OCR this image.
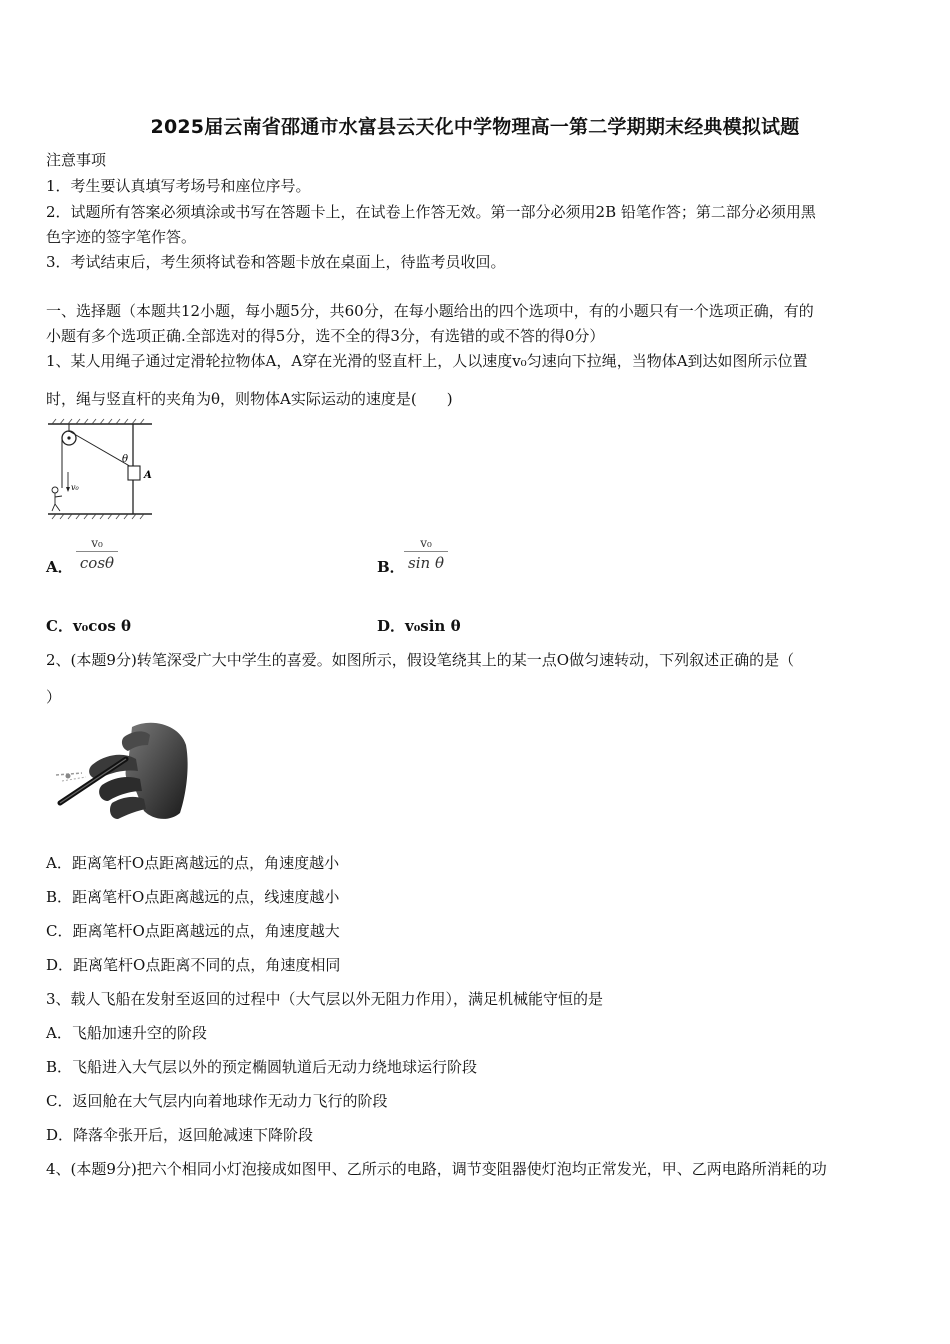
2025届云南省邵通市水富县云天化中学物理高一第二学期期末经典模拟试题
注意事项
1．考生要认真填写考场号和座位序号。
2．试题所有答案必须填涂或书写在答题卡上，在试卷上作答无效。第一部分必须用2B 铅笔作答；第二部分必须用黑
色字迹的签字笔作答。
3．考试结束后，考生须将试卷和答题卡放在桌面上，待监考员收回。
一、选择题（本题共12小题，每小题5分，共60分，在每小题给出的四个选项中，有的小题只有一个选项正确，有的
小题有多个选项正确.全部选对的得5分，选不全的得3分，有选错的或不答的得0分）
1、某人用绳子通过定滑轮拉物体A，A穿在光滑的竖直杆上，人以速度v₀匀速向下拉绳，当物体A到达如图所示位置
时，绳与竖直杆的夹角为θ，则物体A实际运动的速度是(　　)
θ
A
v₀
A．
v₀
cosθ	B．
v₀
sin θ
C．v₀cos θ	D．v₀sin θ
2、(本题9分)转笔深受广大中学生的喜爱。如图所示，假设笔绕其上的某一点O做匀速转动，下列叙述正确的是（
）
A．距离笔杆O点距离越远的点，角速度越小
B．距离笔杆O点距离越远的点，线速度越小
C．距离笔杆O点距离越远的点，角速度越大
D．距离笔杆O点距离不同的点，角速度相同
3、载人飞船在发射至返回的过程中（大气层以外无阻力作用），满足机械能守恒的是
A．飞船加速升空的阶段
B．飞船进入大气层以外的预定椭圆轨道后无动力绕地球运行阶段
C．返回舱在大气层内向着地球作无动力飞行的阶段
D．降落伞张开后，返回舱减速下降阶段
4、(本题9分)把六个相同小灯泡接成如图甲、乙所示的电路，调节变阻器使灯泡均正常发光，甲、乙两电路所消耗的功
